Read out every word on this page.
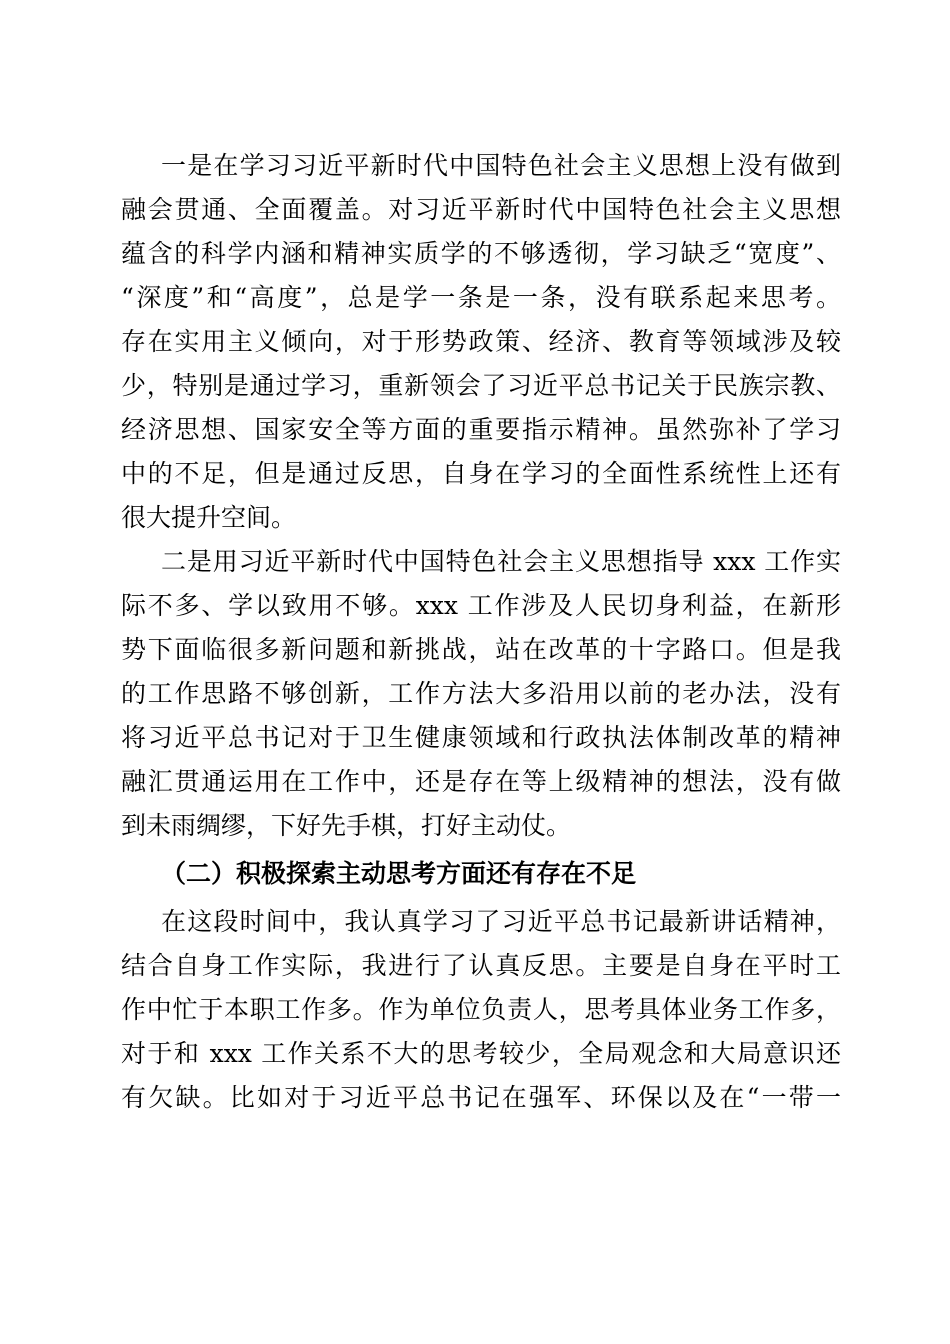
一是在学习习近平新时代中国特色社会主义思想上没有做到
融会贯通、全面覆盖。对习近平新时代中国特色社会主义思想
蕴含的科学内涵和精神实质学的不够透彻，学习缺乏“宽度”、
“深度”和“高度”，总是学一条是一条，没有联系起来思考。
存在实用主义倾向，对于形势政策、经济、教育等领域涉及较
少，特别是通过学习，重新领会了习近平总书记关于民族宗教、
经济思想、国家安全等方面的重要指示精神。虽然弥补了学习
中的不足，但是通过反思，自身在学习的全面性系统性上还有
很大提升空间。
二是用习近平新时代中国特色社会主义思想指导 xxx 工作实
际不多、学以致用不够。xxx 工作涉及人民切身利益，在新形
势下面临很多新问题和新挑战，站在改革的十字路口。但是我
的工作思路不够创新，工作方法大多沿用以前的老办法，没有
将习近平总书记对于卫生健康领域和行政执法体制改革的精神
融汇贯通运用在工作中，还是存在等上级精神的想法，没有做
到未雨绸缪，下好先手棋，打好主动仗。
（二）积极探索主动思考方面还有存在不足
在这段时间中，我认真学习了习近平总书记最新讲话精神，
结合自身工作实际，我进行了认真反思。主要是自身在平时工
作中忙于本职工作多。作为单位负责人，思考具体业务工作多，
对于和 xxx 工作关系不大的思考较少，全局观念和大局意识还
有欠缺。比如对于习近平总书记在强军、环保以及在“一带一
